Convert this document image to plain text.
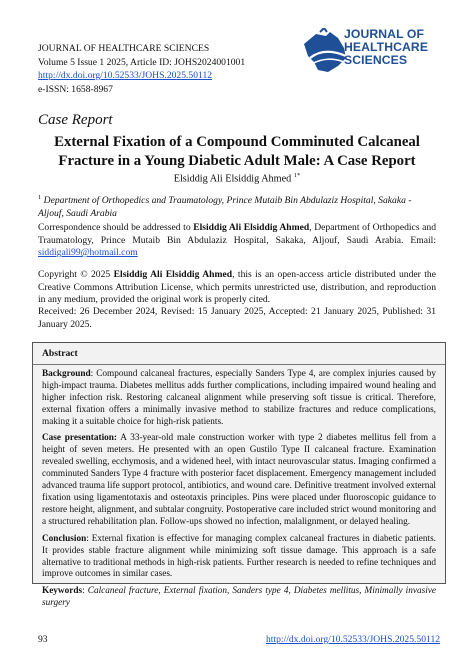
JOURNAL OF HEALTHCARE SCIENCES
Volume 5 Issue 1 2025, Article ID: JOHS2024001001
http://dx.doi.org/10.52533/JOHS.2025.50112
e-ISSN: 1658-8967
JOURNAL OF
HEALTHCARE
SCIENCES
Case Report
External Fixation of a Compound Comminuted Calcaneal
Fracture in a Young Diabetic Adult Male: A Case Report
Elsiddig Ali Elsiddig Ahmed $^{1*}$
$^1$ Department of Orthopedics and Traumatology, Prince Mutaib Bin Abdulaziz Hospital, Sakaka - Aljouf, Saudi Arabia
Correspondence should be addressed to Elsiddig Ali Elsiddig Ahmed, Department of Orthopedics and Traumatology, Prince Mutaib Bin Abdulaziz Hospital, Sakaka, Aljouf, Saudi Arabia. Email: siddigali99@hotmail.com
Copyright © 2025 Elsiddig Ali Elsiddig Ahmed, this is an open-access article distributed under the Creative Commons Attribution License, which permits unrestricted use, distribution, and reproduction in any medium, provided the original work is properly cited.
Received: 26 December 2024, Revised: 15 January 2025, Accepted: 21 January 2025, Published: 31 January 2025.
Abstract

Background: Compound calcaneal fractures, especially Sanders Type 4, are complex injuries caused by high-impact trauma. Diabetes mellitus adds further complications, including impaired wound healing and higher infection risk. Restoring calcaneal alignment while preserving soft tissue is critical. Therefore, external fixation offers a minimally invasive method to stabilize fractures and reduce complications, making it a suitable choice for high-risk patients.

Case presentation: A 33-year-old male construction worker with type 2 diabetes mellitus fell from a height of seven meters. He presented with an open Gustilo Type II calcaneal fracture. Examination revealed swelling, ecchymosis, and a widened heel, with intact neurovascular status. Imaging confirmed a comminuted Sanders Type 4 fracture with posterior facet displacement. Emergency management included advanced trauma life support protocol, antibiotics, and wound care. Definitive treatment involved external fixation using ligamentotaxis and osteotaxis principles. Pins were placed under fluoroscopic guidance to restore height, alignment, and subtalar congruity. Postoperative care included strict wound monitoring and a structured rehabilitation plan. Follow-ups showed no infection, malalignment, or delayed healing.

Conclusion: External fixation is effective for managing complex calcaneal fractures in diabetic patients. It provides stable fracture alignment while minimizing soft tissue damage. This approach is a safe alternative to traditional methods in high-risk patients. Further research is needed to refine techniques and improve outcomes in similar cases.

Keywords: Calcaneal fracture, External fixation, Sanders type 4, Diabetes mellitus, Minimally invasive surgery

93	http://dx.doi.org/10.52533/JOHS.2025.50112
